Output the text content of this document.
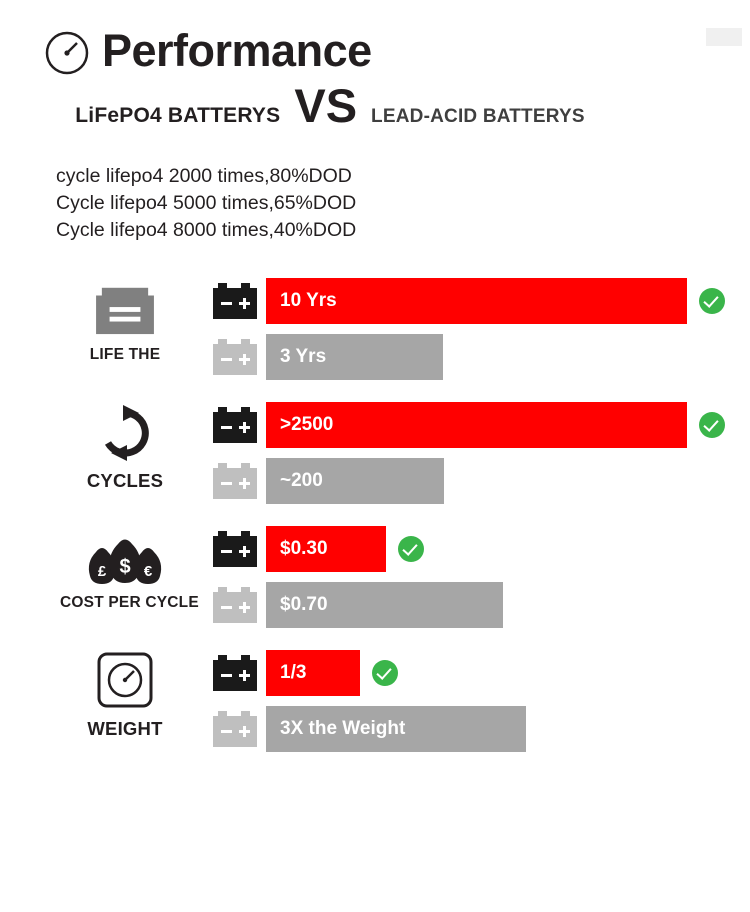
Performance
LiFePO4 BATTERYS VS LEAD-ACID BATTERYS
cycle lifepo4 2000 times,80%DOD
Cycle lifepo4 5000 times,65%DOD
Cycle lifepo4 8000 times,40%DOD
LIFE THE
10 Yrs
3 Yrs
CYCLES
>2500
~200
£	€
$
COST PER CYCLE
$0.30
$0.70
WEIGHT
1/3
3X the Weight
